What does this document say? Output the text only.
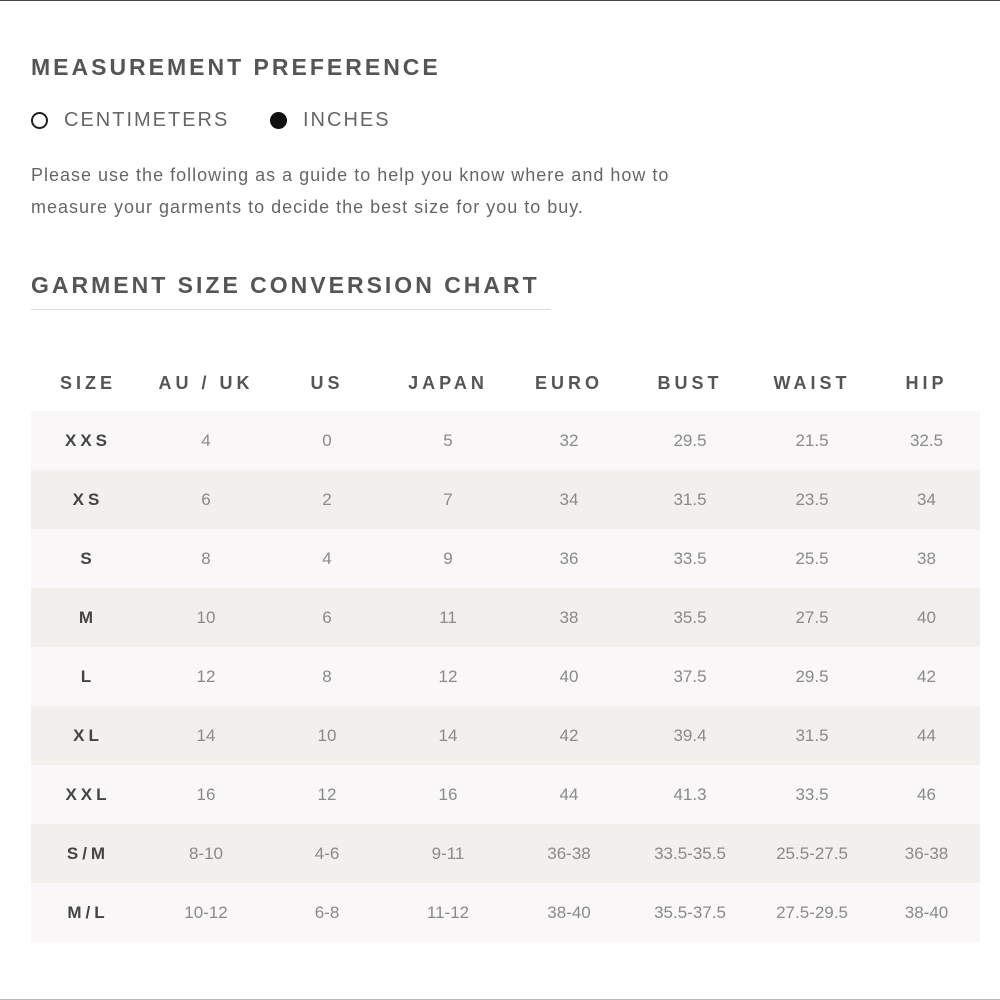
MEASUREMENT PREFERENCE
CENTIMETERS	INCHES

Please use the following as a guide to help you know where and how to measure your garments to decide the best size for you to buy.

GARMENT SIZE CONVERSION CHART
SIZE	AU / UK	US	JAPAN	EURO	BUST	WAIST	HIP
XXS	4	0	5	32	29.5	21.5	32.5
XS	6	2	7	34	31.5	23.5	34
S	8	4	9	36	33.5	25.5	38
M	10	6	11	38	35.5	27.5	40
L	12	8	12	40	37.5	29.5	42
XL	14	10	14	42	39.4	31.5	44
XXL	16	12	16	44	41.3	33.5	46
S/M	8-10	4-6	9-11	36-38	33.5-35.5	25.5-27.5	36-38
M/L	10-12	6-8	11-12	38-40	35.5-37.5	27.5-29.5	38-40
